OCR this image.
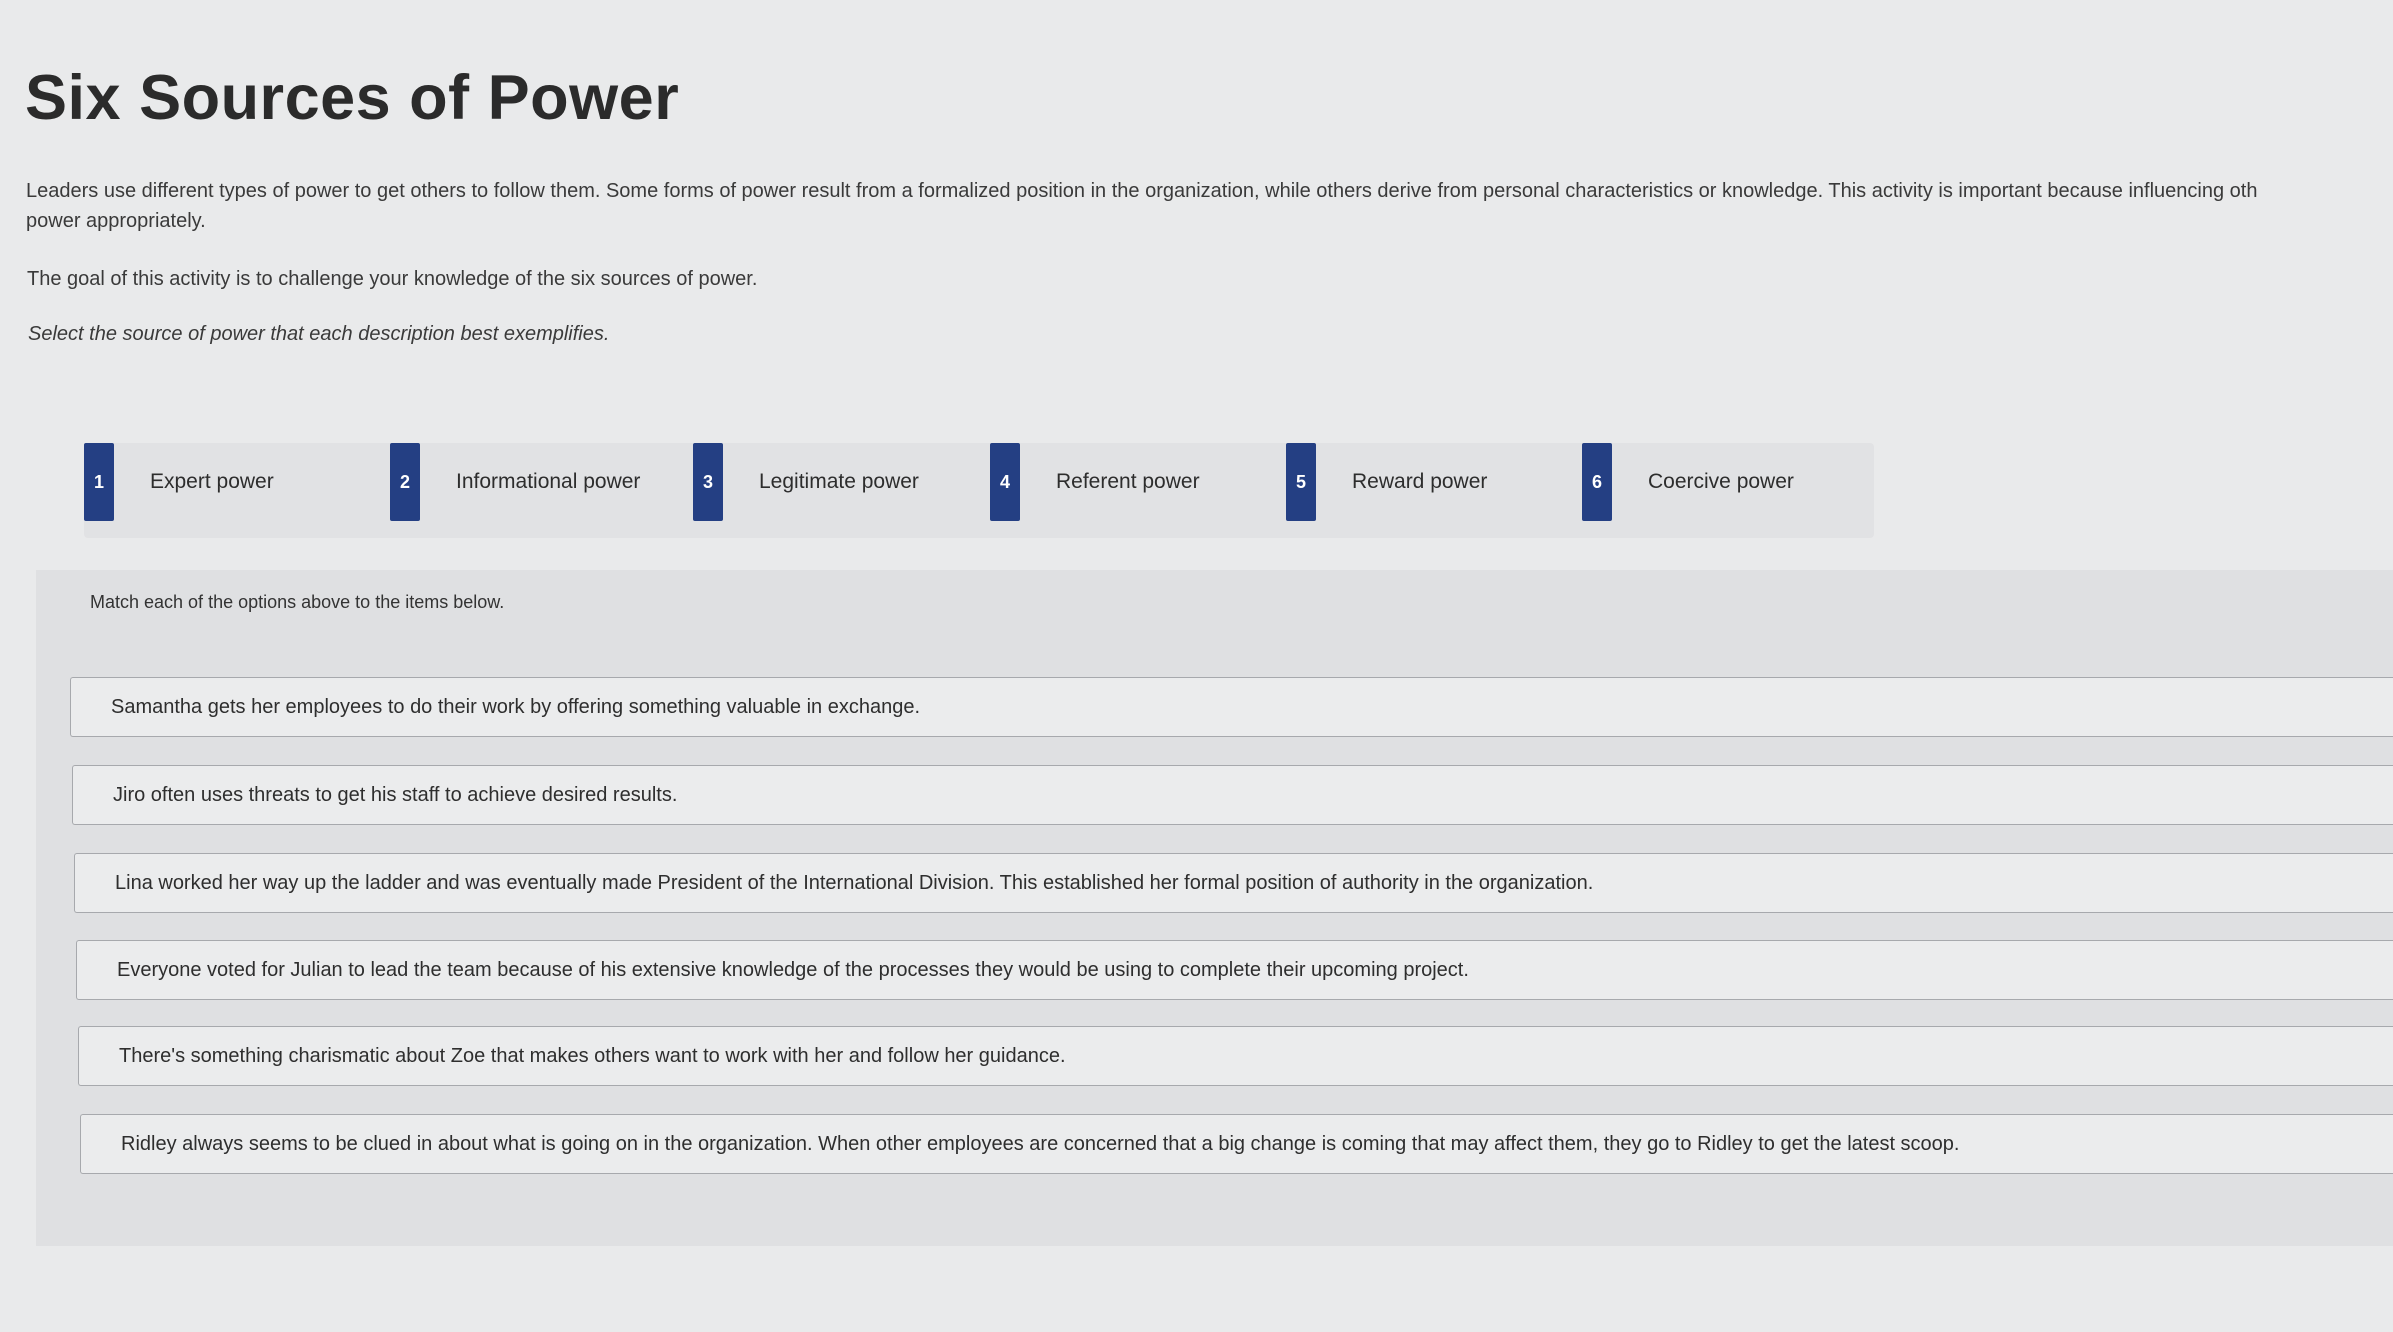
Six Sources of Power
Leaders use different types of power to get others to follow them. Some forms of power result from a formalized position in the organization, while others derive from personal characteristics or knowledge. This activity is important because influencing oth
power appropriately.
The goal of this activity is to challenge your knowledge of the six sources of power.
Select the source of power that each description best exemplifies.
1	Expert power	2	Informational power	3	Legitimate power	4	Referent power	5	Reward power	6	Coercive power
Match each of the options above to the items below.
Samantha gets her employees to do their work by offering something valuable in exchange.
Jiro often uses threats to get his staff to achieve desired results.
Lina worked her way up the ladder and was eventually made President of the International Division. This established her formal position of authority in the organization.
Everyone voted for Julian to lead the team because of his extensive knowledge of the processes they would be using to complete their upcoming project.
There's something charismatic about Zoe that makes others want to work with her and follow her guidance.
Ridley always seems to be clued in about what is going on in the organization. When other employees are concerned that a big change is coming that may affect them, they go to Ridley to get the latest scoop.
